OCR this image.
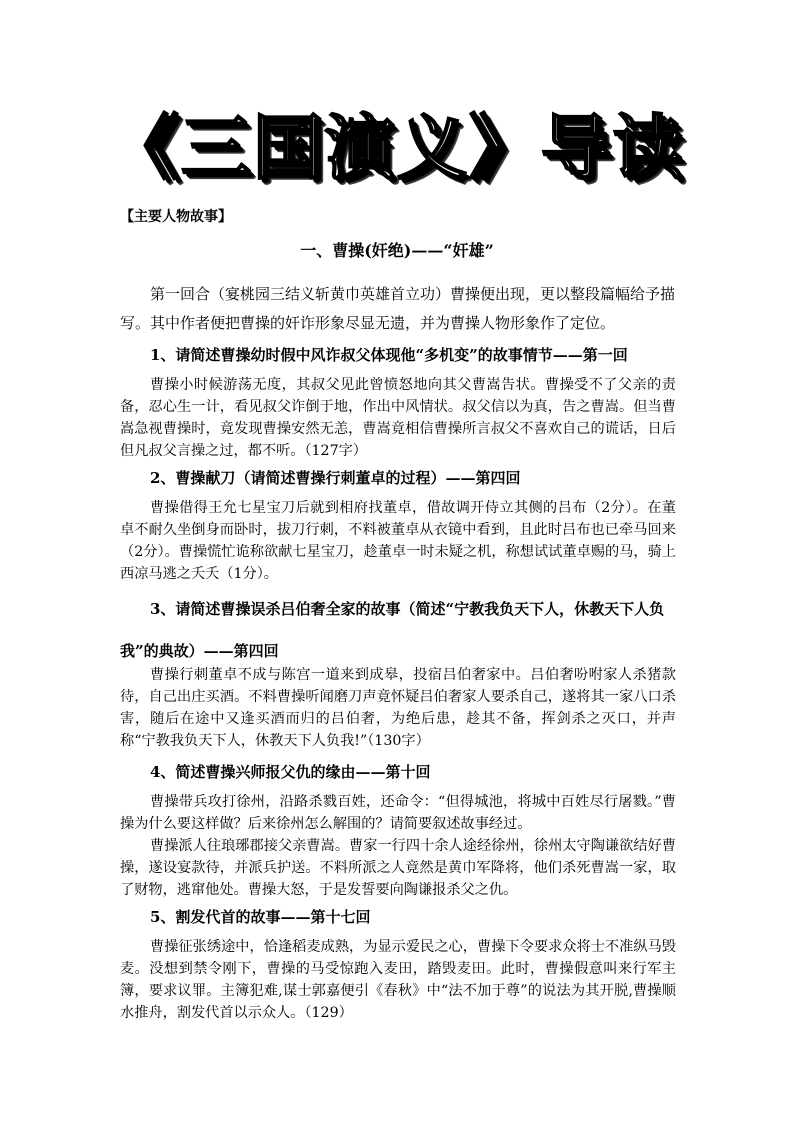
《三国演义》导读
【主要人物故事】
一、曹操(奸绝)——“奸雄”
第一回合（宴桃园三结义斩黄巾英雄首立功）曹操便出现，更以整段篇幅给予描写。其中作者便把曹操的奸诈形象尽显无遗，并为曹操人物形象作了定位。
1、请简述曹操幼时假中风诈叔父体现他“多机变”的故事情节——第一回
曹操小时候游荡无度，其叔父见此曾愤怒地向其父曹嵩告状。曹操受不了父亲的责备，忍心生一计，看见叔父诈倒于地，作出中风情状。叔父信以为真，告之曹嵩。但当曹嵩急视曹操时，竟发现曹操安然无恙，曹嵩竟相信曹操所言叔父不喜欢自己的谎话，日后但凡叔父言操之过，都不听。（127字）
2、曹操献刀（请简述曹操行刺董卓的过程）——第四回
曹操借得王允七星宝刀后就到相府找董卓，借故调开侍立其侧的吕布（2分）。在董卓不耐久坐倒身而卧时，拔刀行刺，不料被董卓从衣镜中看到，且此时吕布也已牵马回来（2分）。曹操慌忙诡称欲献七星宝刀，趁董卓一时未疑之机，称想试试董卓赐的马，骑上西凉马逃之夭夭（1分）。
3、请简述曹操误杀吕伯奢全家的故事（简述“宁教我负天下人，休教天下人负我”的典故）——第四回
曹操行刺董卓不成与陈宫一道来到成皋，投宿吕伯奢家中。吕伯奢吩咐家人杀猪款待，自己出庄买酒。不料曹操听闻磨刀声竟怀疑吕伯奢家人要杀自己，遂将其一家八口杀害，随后在途中又逢买酒而归的吕伯奢，为绝后患，趁其不备，挥剑杀之灭口，并声称“宁教我负天下人，休教天下人负我!”（130字）
4、简述曹操兴师报父仇的缘由——第十回
曹操带兵攻打徐州，沿路杀戮百姓，还命令：“但得城池，将城中百姓尽行屠戮。”曹操为什么要这样做？后来徐州怎么解围的？请简要叙述故事经过。
曹操派人往琅琊郡接父亲曹嵩。曹家一行四十余人途经徐州，徐州太守陶谦欲结好曹操，遂设宴款待，并派兵护送。不料所派之人竟然是黄巾军降将，他们杀死曹嵩一家，取了财物，逃窜他处。曹操大怒，于是发誓要向陶谦报杀父之仇。
5、割发代首的故事——第十七回
曹操征张绣途中，恰逢稻麦成熟，为显示爱民之心，曹操下令要求众将士不准纵马毁麦。没想到禁令刚下，曹操的马受惊跑入麦田，踏毁麦田。此时，曹操假意叫来行军主簿，要求议罪。主簿犯难,谋士郭嘉便引《春秋》中“法不加于尊”的说法为其开脱,曹操顺水推舟，割发代首以示众人。（129）
